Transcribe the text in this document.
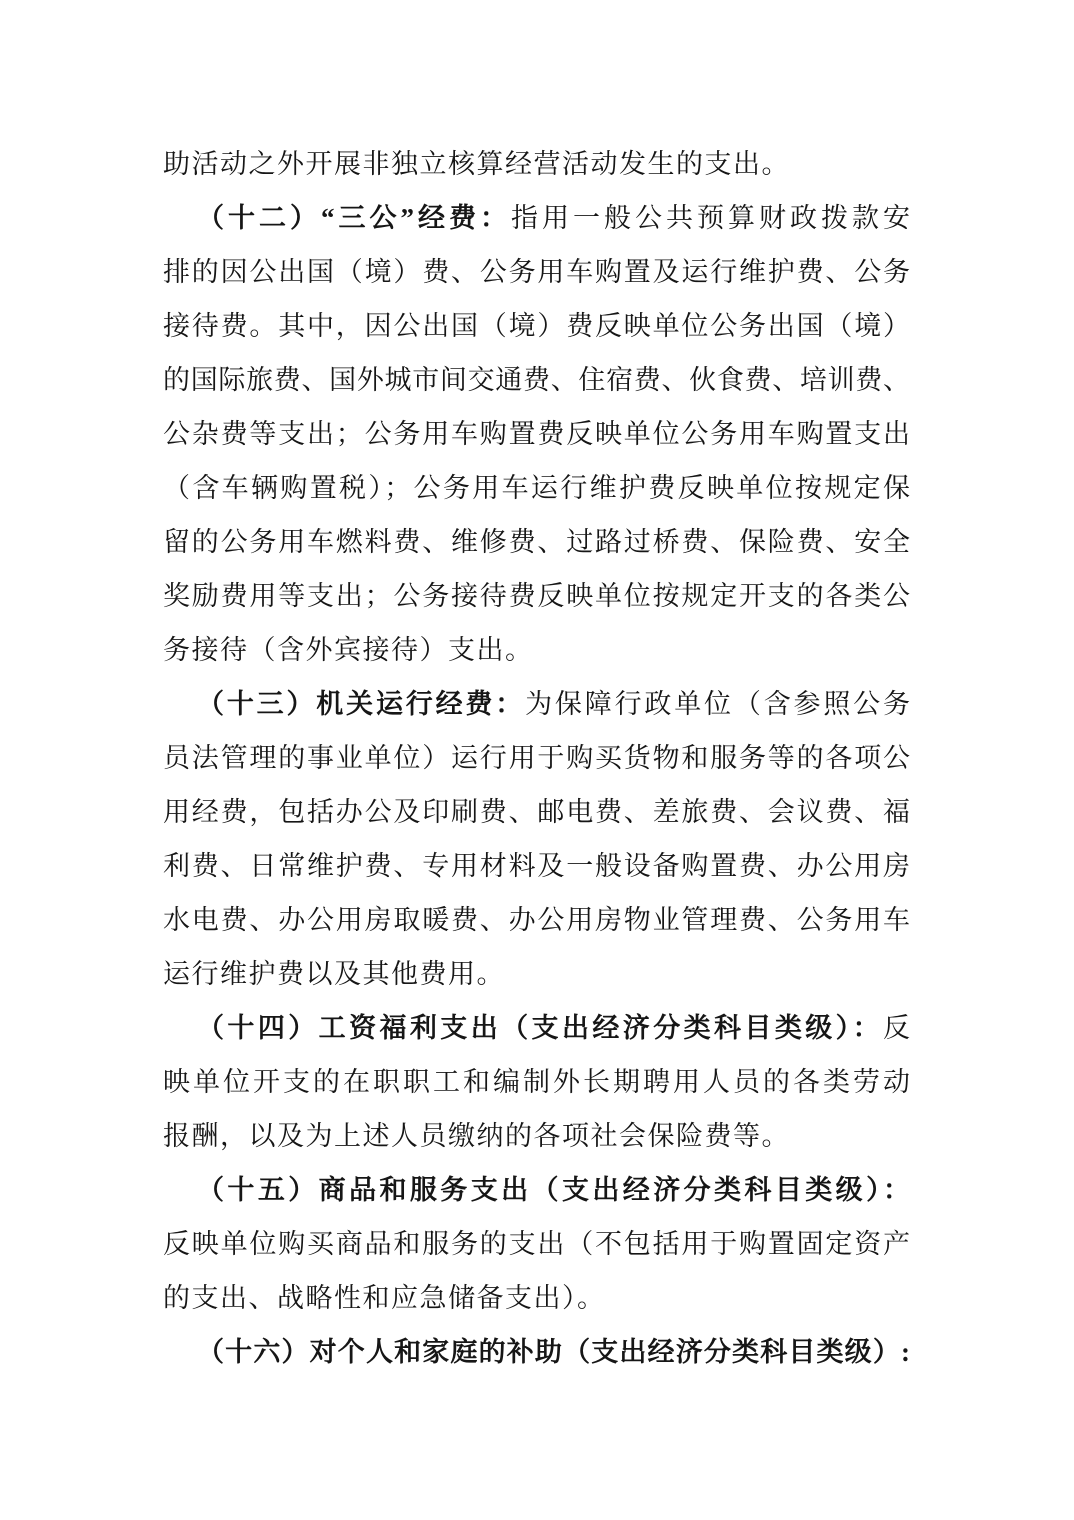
助活动之外开展非独立核算经营活动发生的支出。
（十二）“三公”经费：指用一般公共预算财政拨款安
排的因公出国（境）费、公务用车购置及运行维护费、公务
接待费。其中，因公出国（境）费反映单位公务出国（境）
的国际旅费、国外城市间交通费、住宿费、伙食费、培训费、
公杂费等支出；公务用车购置费反映单位公务用车购置支出
（含车辆购置税）；公务用车运行维护费反映单位按规定保
留的公务用车燃料费、维修费、过路过桥费、保险费、安全
奖励费用等支出；公务接待费反映单位按规定开支的各类公
务接待（含外宾接待）支出。
（十三）机关运行经费：为保障行政单位（含参照公务
员法管理的事业单位）运行用于购买货物和服务等的各项公
用经费，包括办公及印刷费、邮电费、差旅费、会议费、福
利费、日常维护费、专用材料及一般设备购置费、办公用房
水电费、办公用房取暖费、办公用房物业管理费、公务用车
运行维护费以及其他费用。
（十四）工资福利支出（支出经济分类科目类级）：反
映单位开支的在职职工和编制外长期聘用人员的各类劳动
报酬，以及为上述人员缴纳的各项社会保险费等。
（十五）商品和服务支出（支出经济分类科目类级）：
反映单位购买商品和服务的支出（不包括用于购置固定资产
的支出、战略性和应急储备支出）。
（十六）对个人和家庭的补助（支出经济分类科目类级）:
